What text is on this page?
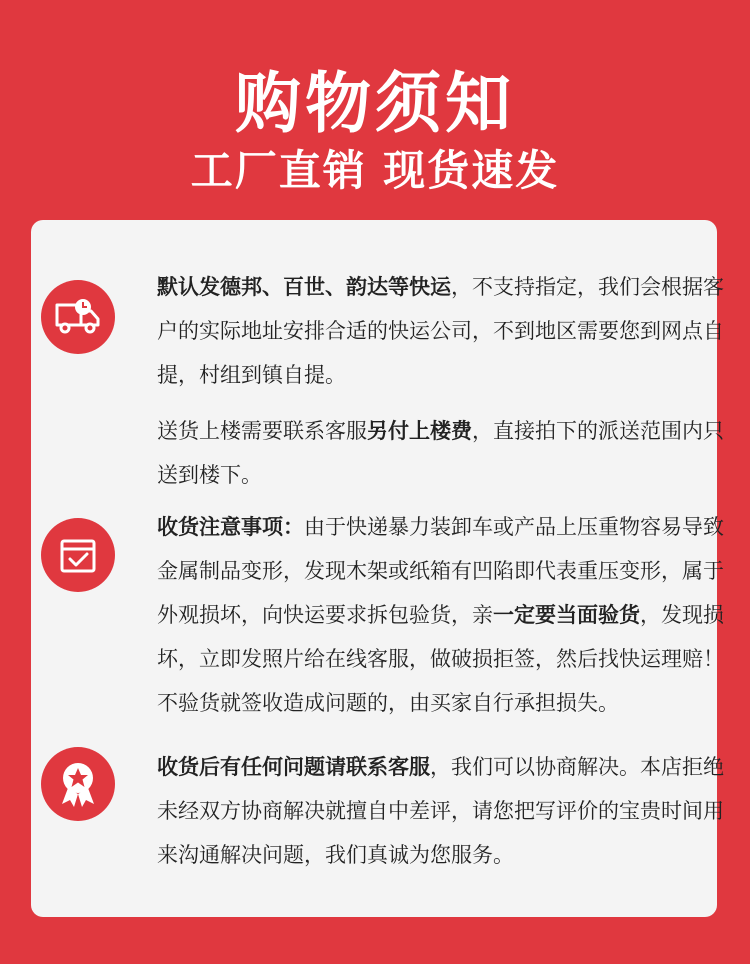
购物须知
工厂直销 现货速发

默认发德邦、百世、韵达等快运，不支持指定，我们会根据客户的实际地址安排合适的快运公司，不到地区需要您到网点自提，村组到镇自提。

送货上楼需要联系客服另付上楼费，直接拍下的派送范围内只送到楼下。

收货注意事项：由于快递暴力装卸车或产品上压重物容易导致金属制品变形，发现木架或纸箱有凹陷即代表重压变形，属于外观损坏，向快运要求拆包验货，亲一定要当面验货，发现损坏，立即发照片给在线客服，做破损拒签，然后找快运理赔！不验货就签收造成问题的，由买家自行承担损失。

收货后有任何问题请联系客服，我们可以协商解决。本店拒绝未经双方协商解决就擅自中差评，请您把写评价的宝贵时间用来沟通解决问题，我们真诚为您服务。
